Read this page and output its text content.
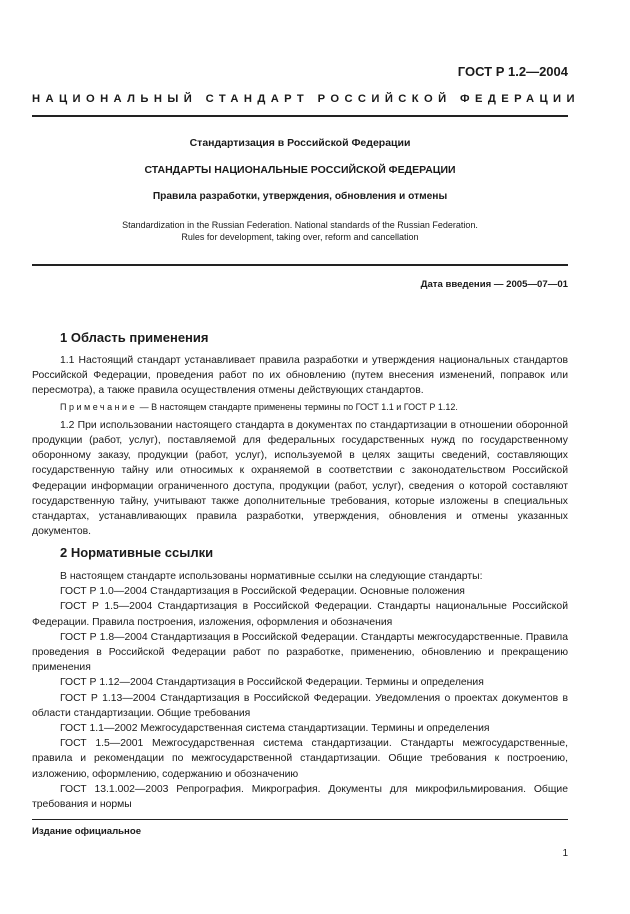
ГОСТ Р 1.2—2004
НАЦИОНАЛЬНЫЙ СТАНДАРТ РОССИЙСКОЙ ФЕДЕРАЦИИ
Стандартизация в Российской Федерации
СТАНДАРТЫ НАЦИОНАЛЬНЫЕ РОССИЙСКОЙ ФЕДЕРАЦИИ
Правила разработки, утверждения, обновления и отмены
Standardization in the Russian Federation. National standards of the Russian Federation.
Rules for development, taking over, reform and cancellation
Дата введения — 2005—07—01
1 Область применения

1.1 Настоящий стандарт устанавливает правила разработки и утверждения национальных стандартов Российской Федерации, проведения работ по их обновлению (путем внесения изменений, поправок или пересмотра), а также правила осуществления отмены действующих стандартов.

Примечание — В настоящем стандарте применены термины по ГОСТ 1.1 и ГОСТ Р 1.12.

1.2 При использовании настоящего стандарта в документах по стандартизации в отношении оборонной продукции (работ, услуг), поставляемой для федеральных государственных нужд по государственному оборонному заказу, продукции (работ, услуг), используемой в целях защиты сведений, составляющих государственную тайну или относимых к охраняемой в соответствии с законодательством Российской Федерации информации ограниченного доступа, продукции (работ, услуг), сведения о которой составляют государственную тайну, учитывают также дополнительные требования, которые изложены в специальных стандартах, устанавливающих правила разработки, утверждения, обновления и отмены указанных документов.

2 Нормативные ссылки

В настоящем стандарте использованы нормативные ссылки на следующие стандарты:

ГОСТ Р 1.0—2004 Стандартизация в Российской Федерации. Основные положения

ГОСТ Р 1.5—2004 Стандартизация в Российской Федерации. Стандарты национальные Российской Федерации. Правила построения, изложения, оформления и обозначения

ГОСТ Р 1.8—2004 Стандартизация в Российской Федерации. Стандарты межгосударственные. Правила проведения в Российской Федерации работ по разработке, применению, обновлению и прекращению применения

ГОСТ Р 1.12—2004 Стандартизация в Российской Федерации. Термины и определения

ГОСТ Р 1.13—2004 Стандартизация в Российской Федерации. Уведомления о проектах документов в области стандартизации. Общие требования

ГОСТ 1.1—2002 Межгосударственная система стандартизации. Термины и определения

ГОСТ 1.5—2001 Межгосударственная система стандартизации. Стандарты межгосударственные, правила и рекомендации по межгосударственной стандартизации. Общие требования к построению, изложению, оформлению, содержанию и обозначению

ГОСТ 13.1.002—2003 Репрография. Микрография. Документы для микрофильмирования. Общие требования и нормы

Издание официальное
1
